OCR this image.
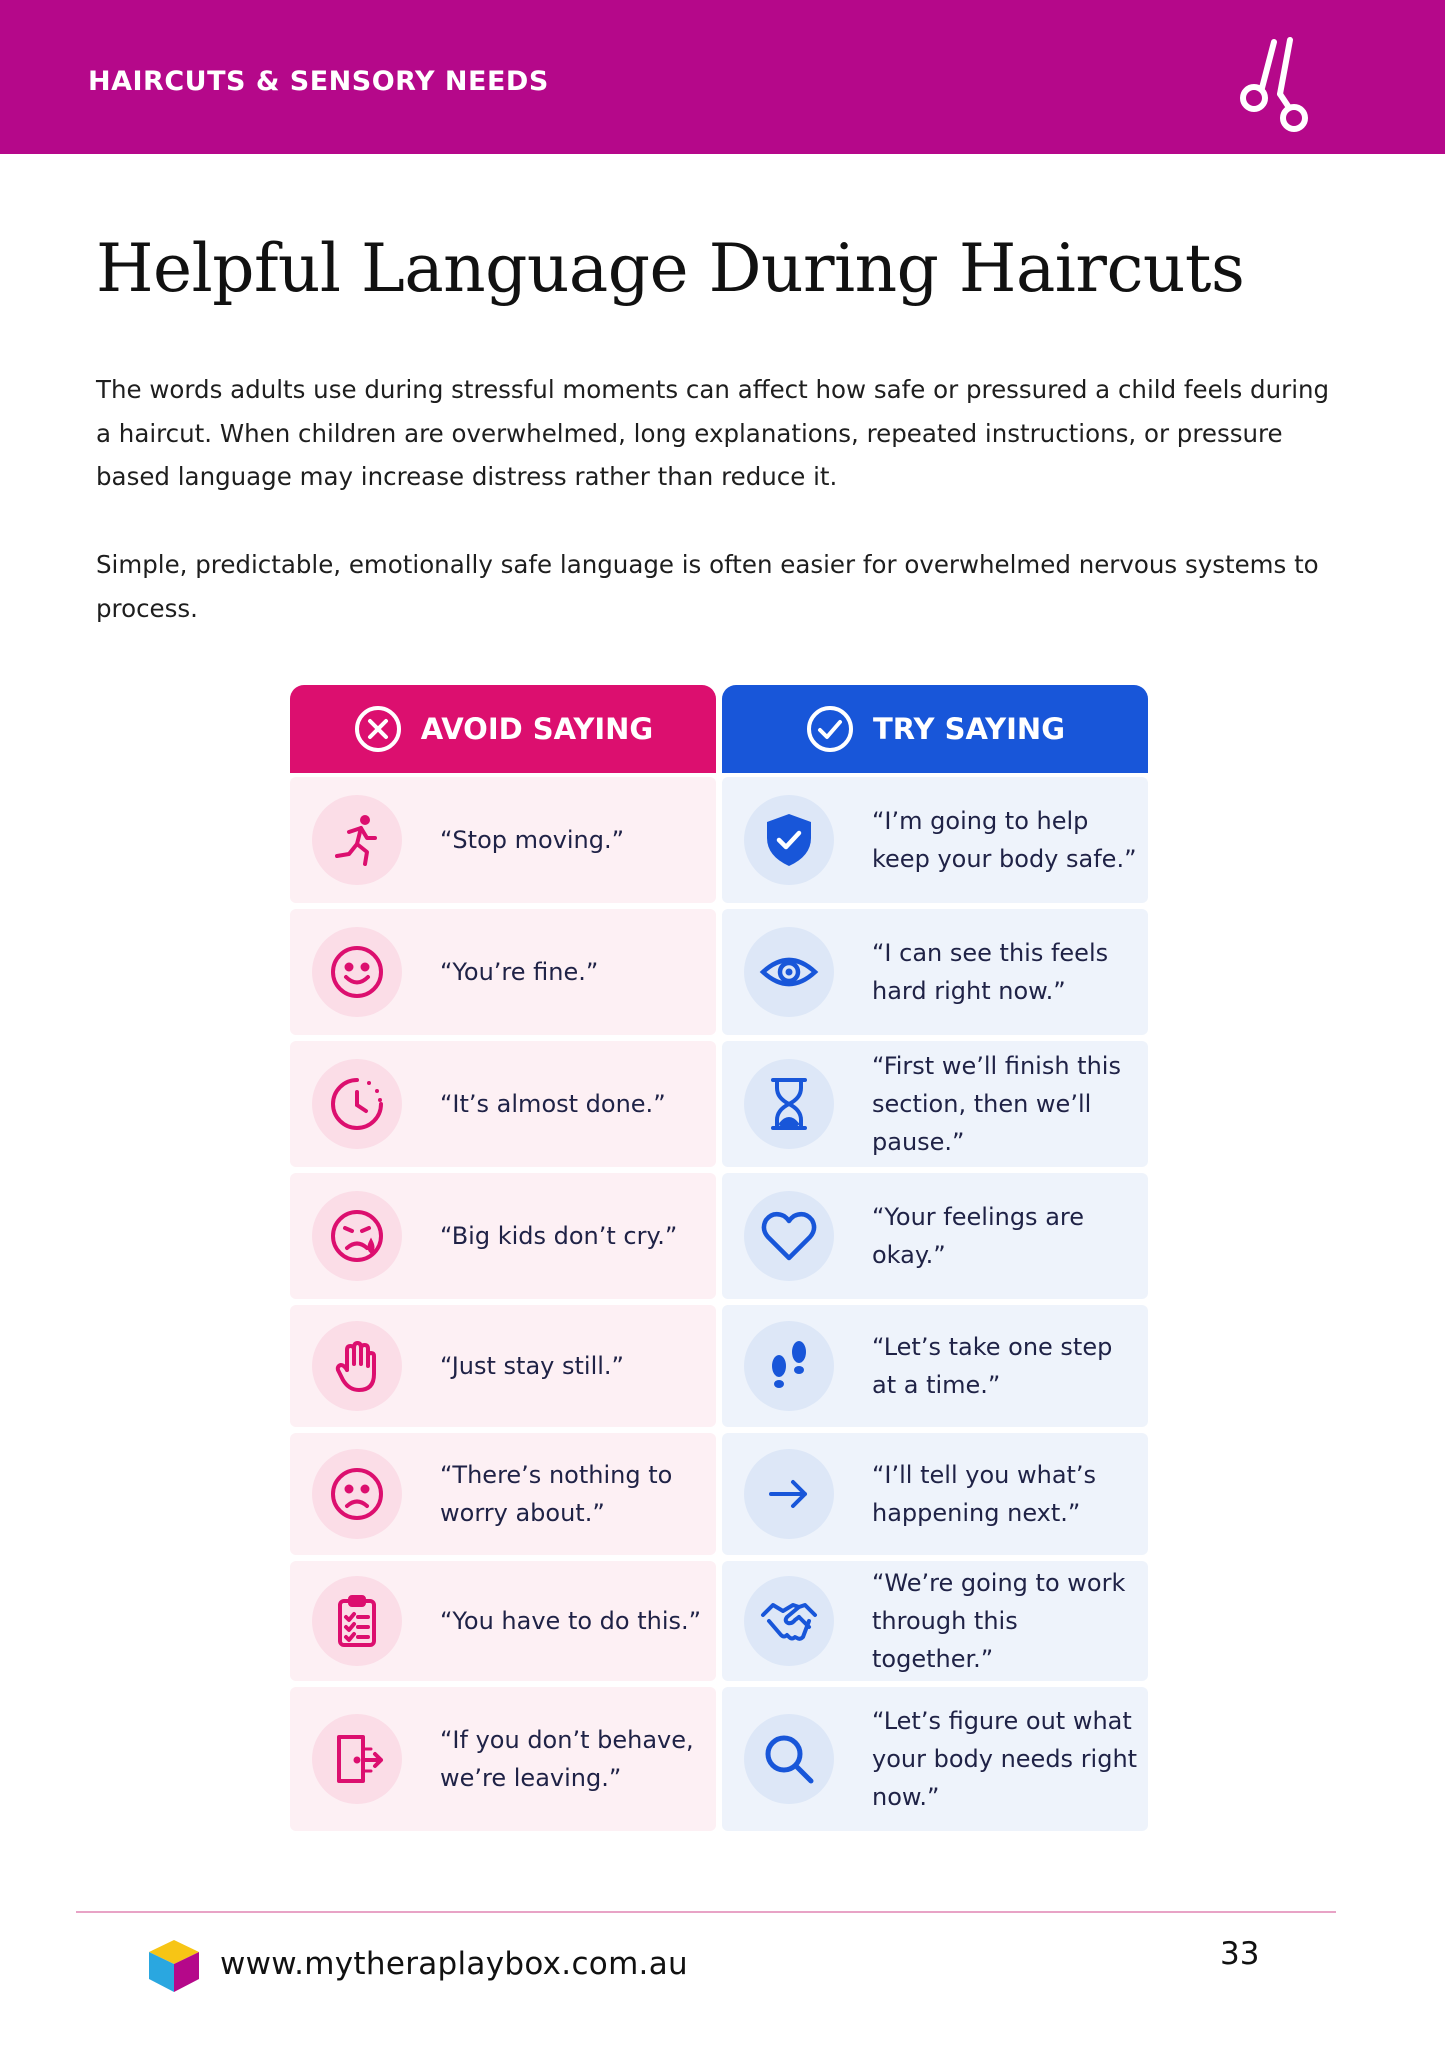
HAIRCUTS & SENSORY NEEDS
Helpful Language During Haircuts

The words adults use during stressful moments can affect how safe or pressured a child feels during a haircut. When children are overwhelmed, long explanations, repeated instructions, or pressure based language may increase distress rather than reduce it.

Simple, predictable, emotionally safe language is often easier for overwhelmed nervous systems to process.

AVOID SAYING
“Stop moving.”
“You’re fine.”
“It’s almost done.”
“Big kids don’t cry.”
“Just stay still.”
“There’s nothing to worry about.”
“You have to do this.”
“If you don’t behave, we’re leaving.”
TRY SAYING
“I’m going to help keep your body safe.”
“I can see this feels hard right now.”
“First we’ll finish this section, then we’ll pause.”
“Your feelings are okay.”
“Let’s take one step at a time.”
“I’ll tell you what’s happening next.”
“We’re going to work through this together.”
“Let’s figure out what your body needs right now.”
www.mytheraplaybox.com.au	33
